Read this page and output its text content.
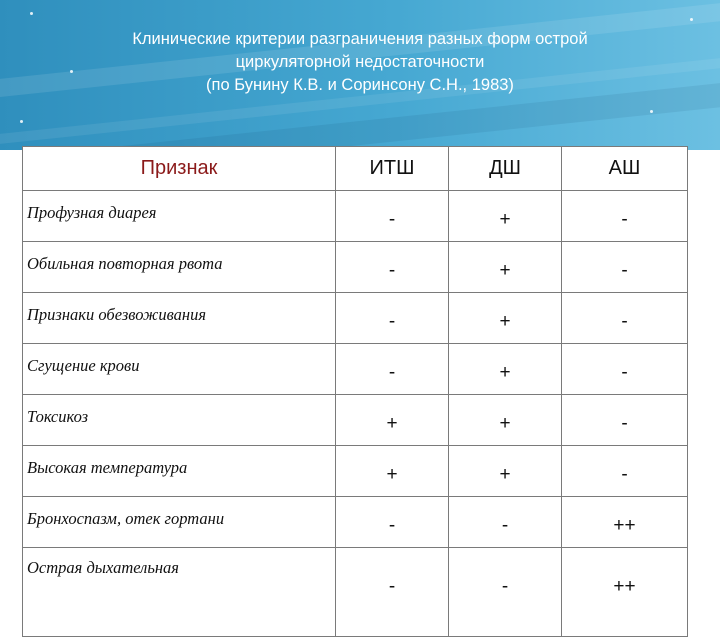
Клинические критерии разграничения разных форм острой
циркуляторной недостаточности
(по Бунину К.В. и Соринсону С.Н., 1983)
Признак	ИТШ	ДШ	АШ
Профузная диарея	-	+	-
Обильная повторная рвота	-	+	-
Признаки обезвоживания	-	+	-
Сгущение крови	-	+	-
Токсикоз	+	+	-
Высокая температура	+	+	-
Бронхоспазм, отек гортани	-	-	++
Острая дыхательная	-	-	++
